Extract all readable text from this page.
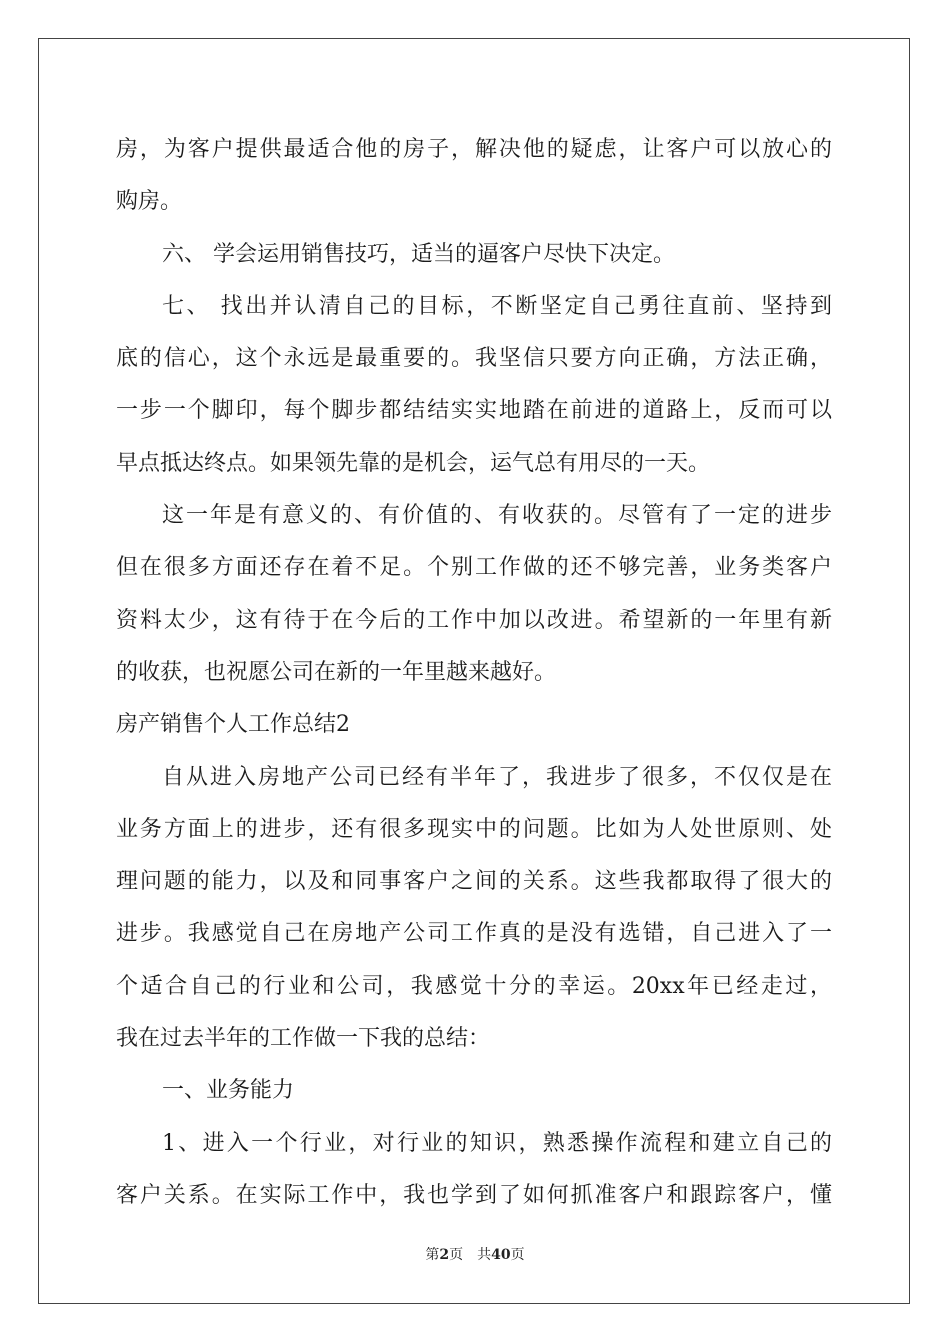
房，为客户提供最适合他的房子，解决他的疑虑，让客户可以放心的
购房。
六、 学会运用销售技巧，适当的逼客户尽快下决定。
七、 找出并认清自己的目标，不断坚定自己勇往直前、坚持到
底的信心，这个永远是最重要的。我坚信只要方向正确，方法正确，
一步一个脚印，每个脚步都结结实实地踏在前进的道路上，反而可以
早点抵达终点。如果领先靠的是机会，运气总有用尽的一天。
这一年是有意义的、有价值的、有收获的。尽管有了一定的进步
但在很多方面还存在着不足。个别工作做的还不够完善，业务类客户
资料太少，这有待于在今后的工作中加以改进。希望新的一年里有新
的收获，也祝愿公司在新的一年里越来越好。
房产销售个人工作总结2
自从进入房地产公司已经有半年了，我进步了很多，不仅仅是在
业务方面上的进步，还有很多现实中的问题。比如为人处世原则、处
理问题的能力，以及和同事客户之间的关系。这些我都取得了很大的
进步。我感觉自己在房地产公司工作真的是没有选错，自己进入了一
个适合自己的行业和公司，我感觉十分的幸运。20xx年已经走过，
我在过去半年的工作做一下我的总结：
一、业务能力
1、进入一个行业，对行业的知识，熟悉操作流程和建立自己的
客户关系。在实际工作中，我也学到了如何抓准客户和跟踪客户，懂
第2页 共40页
